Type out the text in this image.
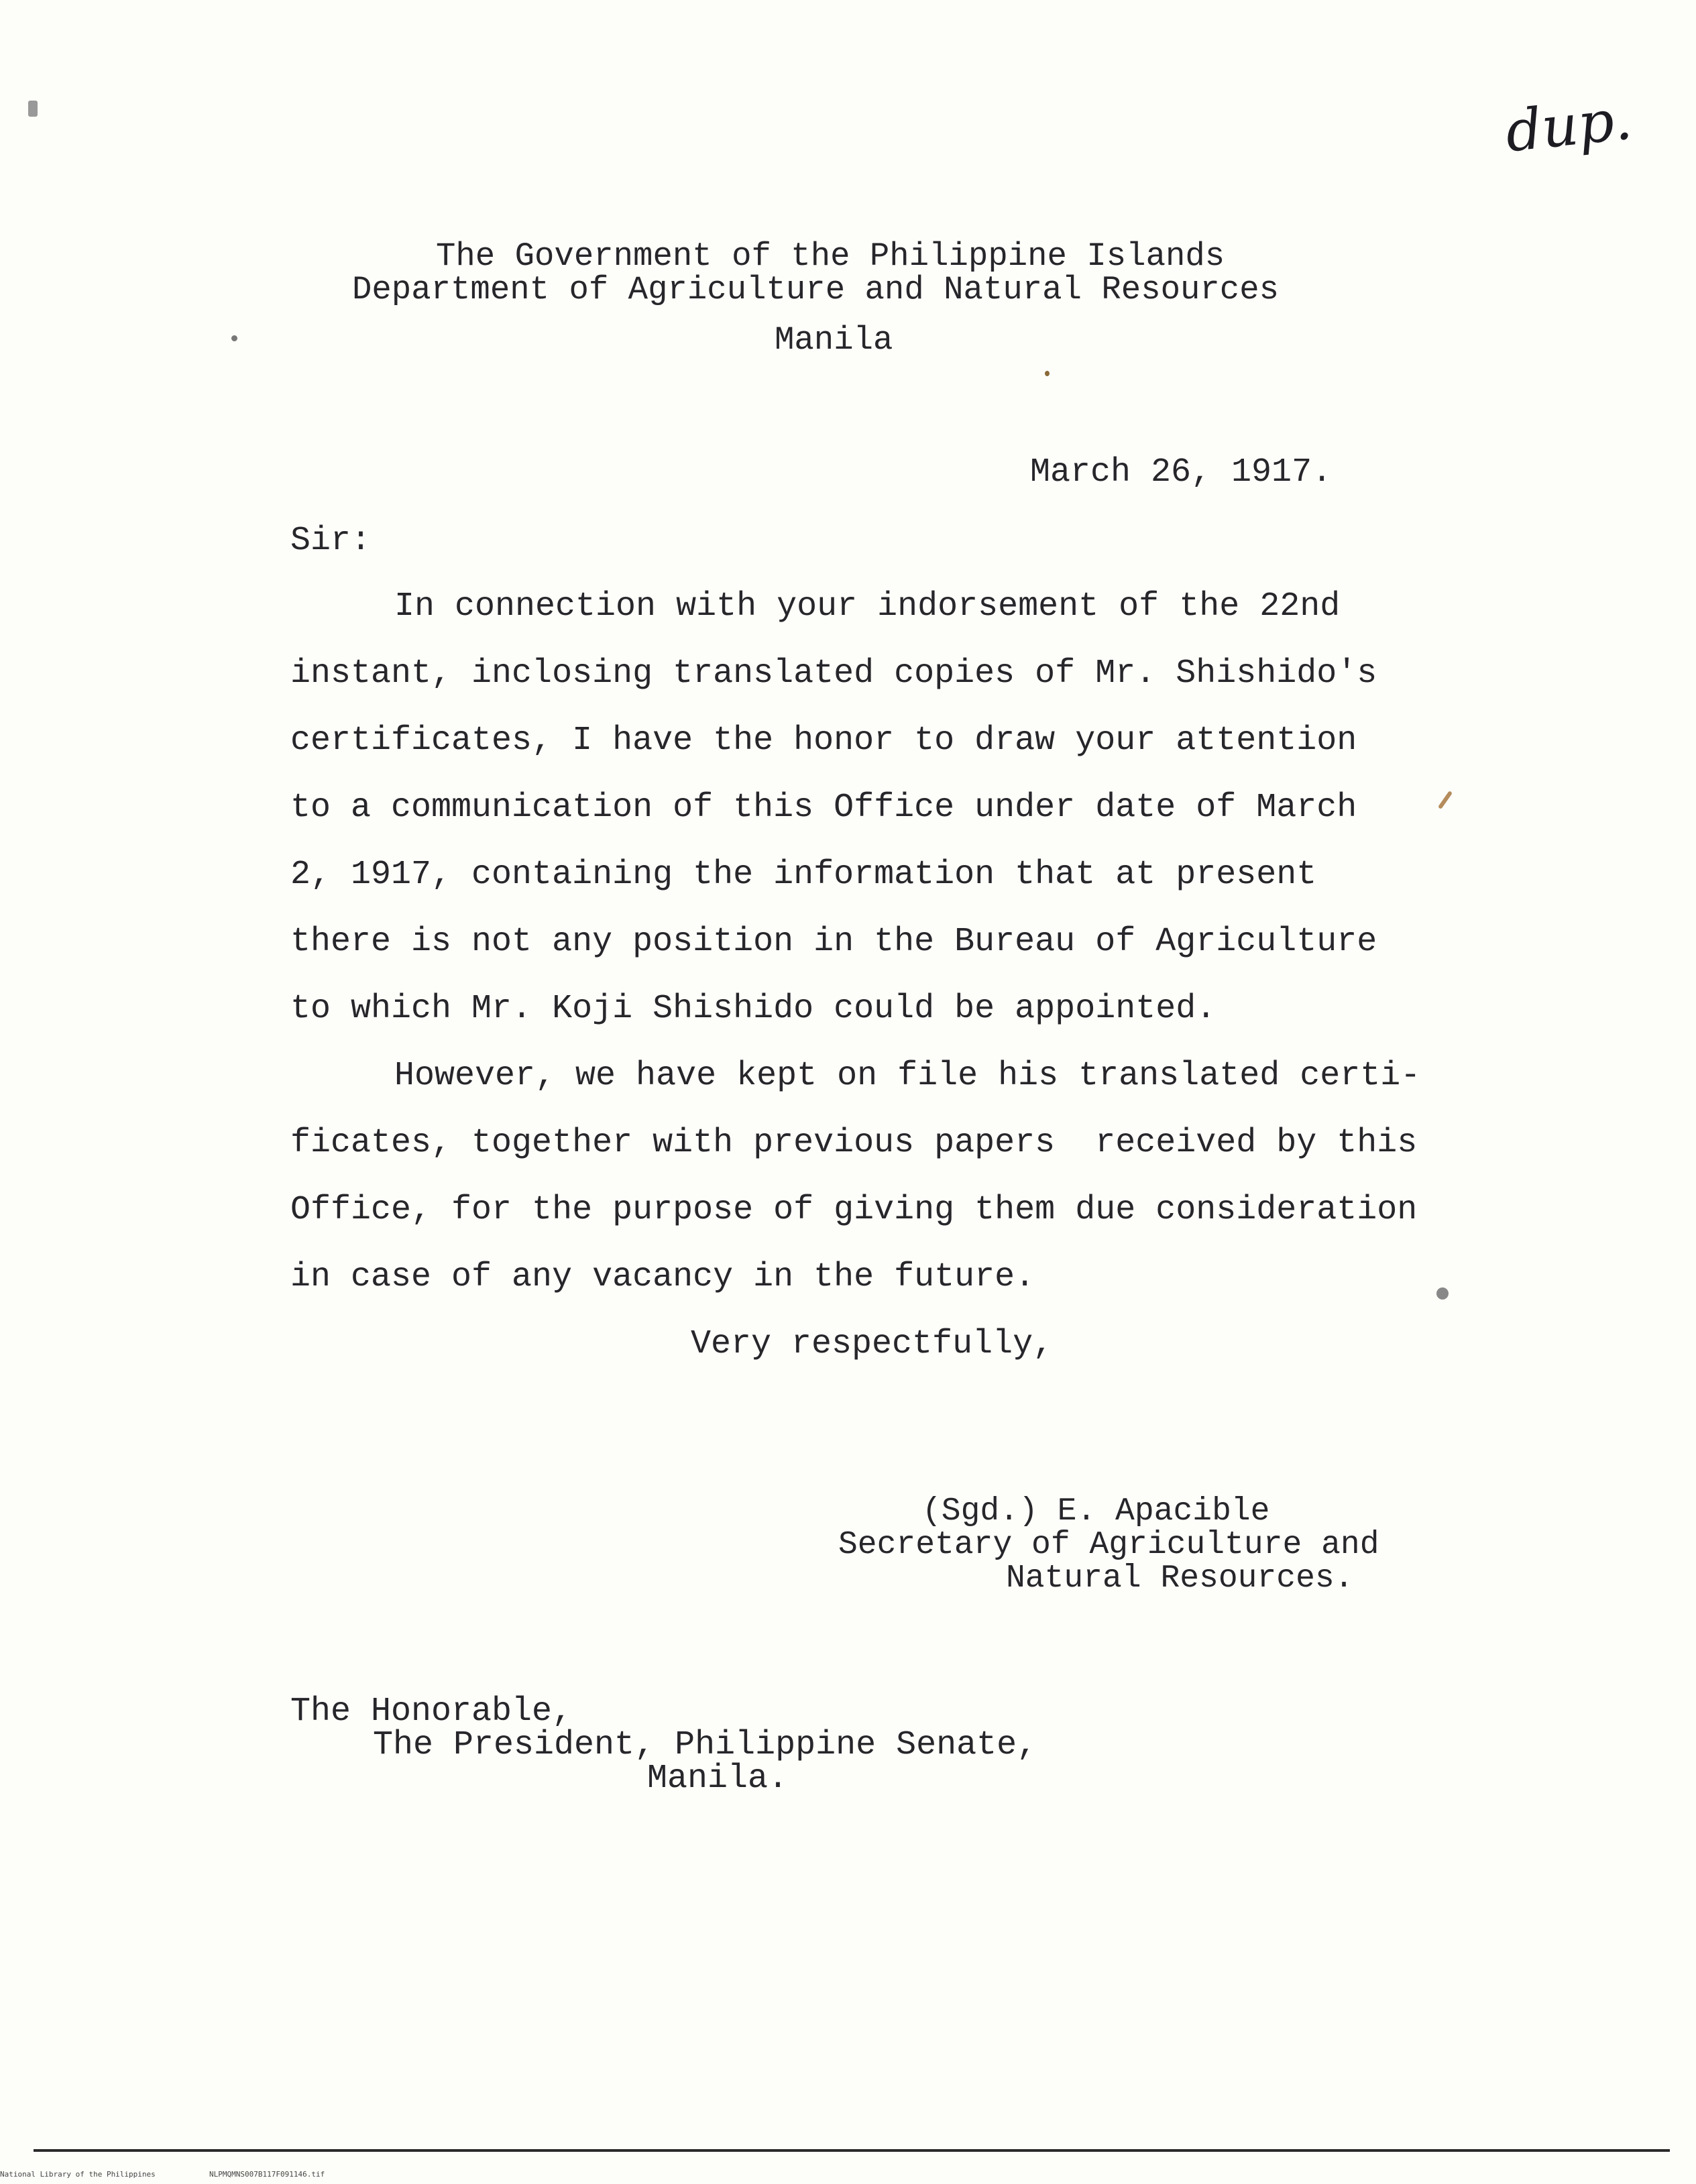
dup.
The Government of the Philippine Islands
Department of Agriculture and Natural Resources
Manila
March 26, 1917.
Sir:
In connection with your indorsement of the 22nd
instant, inclosing translated copies of Mr. Shishido's
certificates, I have the honor to draw your attention
to a communication of this Office under date of March
2, 1917, containing the information that at present
there is not any position in the Bureau of Agriculture
to which Mr. Koji Shishido could be appointed.
However, we have kept on file his translated certi-
ficates, together with previous papers  received by this
Office, for the purpose of giving them due consideration
in case of any vacancy in the future.
Very respectfully,
(Sgd.) E. Apacible
Secretary of Agriculture and
Natural Resources.
The Honorable,
The President, Philippine Senate,
Manila.
National Library of the Philippines	NLPMQMNS007B117F091146.tif
